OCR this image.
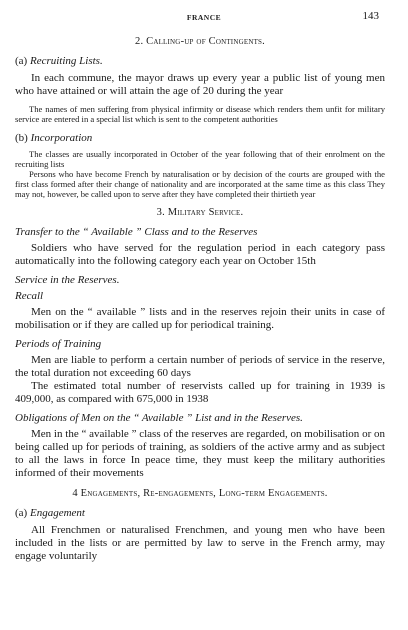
FRANCE	143
2. Calling-up of Contingents.
(a) Recruiting Lists.

In each commune, the mayor draws up every year a public list of young men who have attained or will attain the age of 20 during the year

The names of men suffering from physical infirmity or disease which renders them unfit for military service are entered in a special list which is sent to the competent authorities

(b) Incorporation

The classes are usually incorporated in October of the year following that of their enrolment on the recruiting lists

Persons who have become French by naturalisation or by decision of the courts are grouped with the first class formed after their change of nationality and are incorporated at the same time as this class They may not, however, be called upon to serve after they have completed their thirtieth year

3. Military Service.
Transfer to the “ Available ” Class and to the Reserves

Soldiers who have served for the regulation period in each category pass automatically into the following category each year on October 15th

Service in the Reserves.
Recall

Men on the “ available ” lists and in the reserves rejoin their units in case of mobilisation or if they are called up for periodical training.

Periods of Training

Men are liable to perform a certain number of periods of service in the reserve, the total duration not exceeding 60 days

The estimated total number of reservists called up for training in 1939 is 409,000, as compared with 675,000 in 1938

Obligations of Men on the “ Available ” List and in the Reserves.

Men in the “ available ” class of the reserves are regarded, on mobilisation or on being called up for periods of training, as soldiers of the active army and as subject to all the laws in force In peace time, they must keep the military authorities informed of their movements

4 Engagements, Re-engagements, Long-term Engagements.
(a) Engagement

All Frenchmen or naturalised Frenchmen, and young men who have been included in the lists or are permitted by law to serve in the French army, may engage voluntarily
